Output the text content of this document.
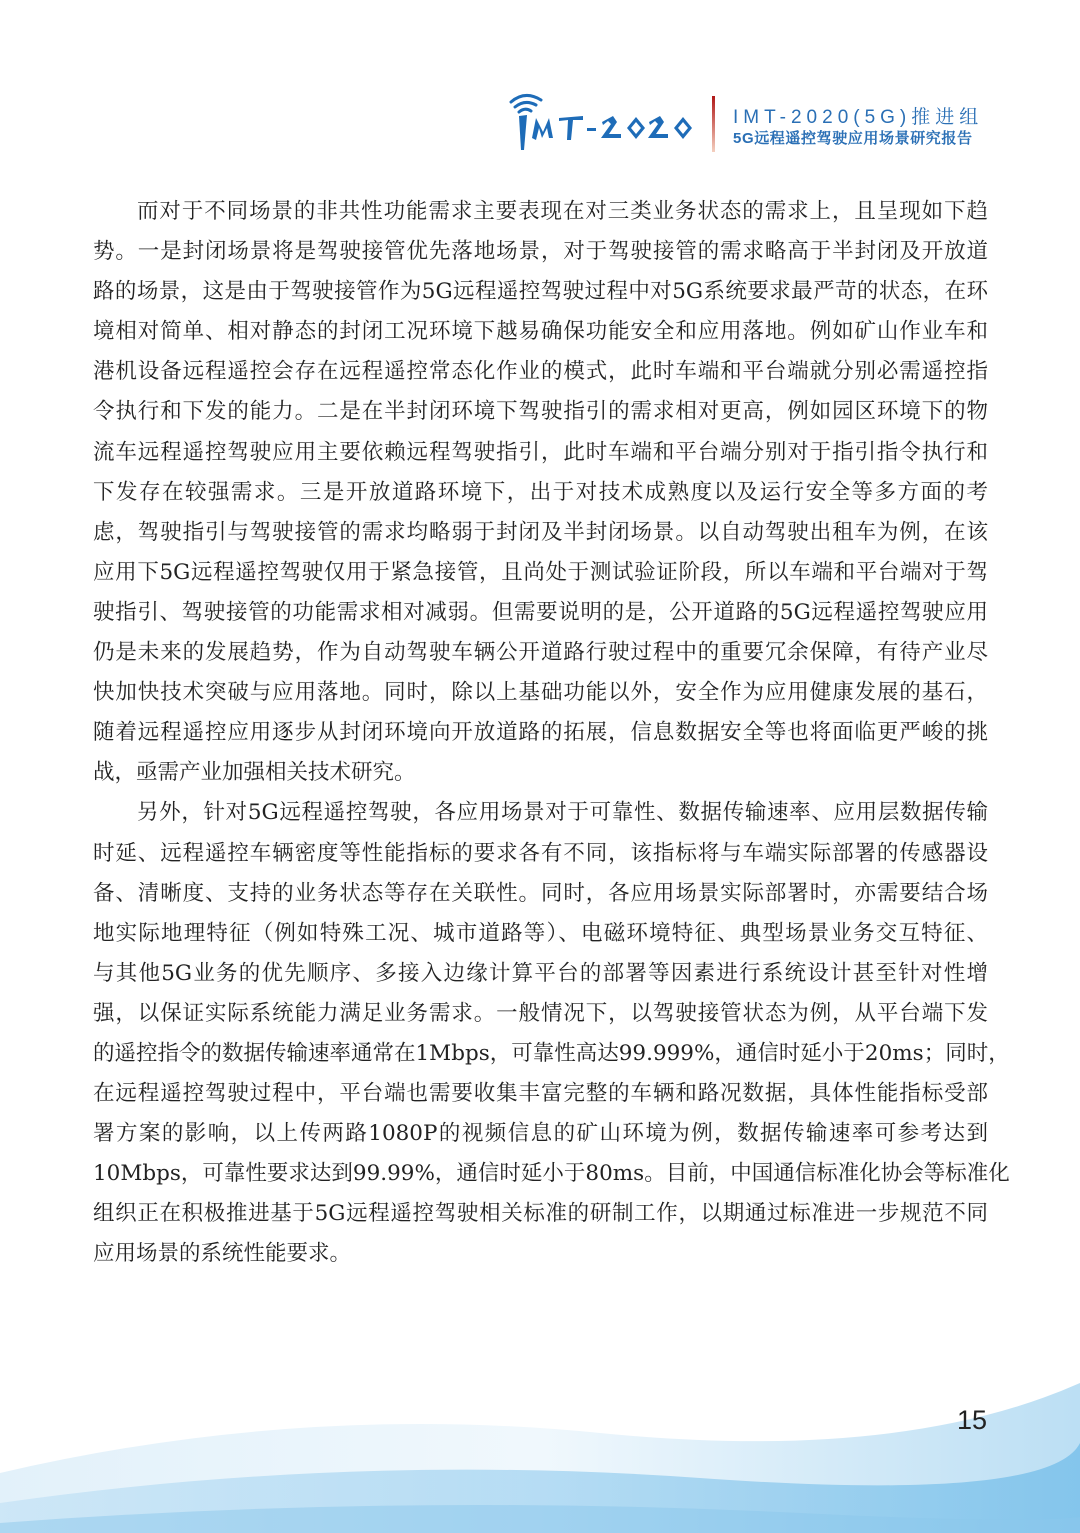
IMT-2020(5G)推进组
5G远程遥控驾驶应用场景研究报告
而对于不同场景的非共性功能需求主要表现在对三类业务状态的需求上，且呈现如下趋
势。一是封闭场景将是驾驶接管优先落地场景，对于驾驶接管的需求略高于半封闭及开放道
路的场景，这是由于驾驶接管作为5G远程遥控驾驶过程中对5G系统要求最严苛的状态，在环
境相对简单、相对静态的封闭工况环境下越易确保功能安全和应用落地。例如矿山作业车和
港机设备远程遥控会存在远程遥控常态化作业的模式，此时车端和平台端就分别必需遥控指
令执行和下发的能力。二是在半封闭环境下驾驶指引的需求相对更高，例如园区环境下的物
流车远程遥控驾驶应用主要依赖远程驾驶指引，此时车端和平台端分别对于指引指令执行和
下发存在较强需求。三是开放道路环境下，出于对技术成熟度以及运行安全等多方面的考
虑，驾驶指引与驾驶接管的需求均略弱于封闭及半封闭场景。以自动驾驶出租车为例，在该
应用下5G远程遥控驾驶仅用于紧急接管，且尚处于测试验证阶段，所以车端和平台端对于驾
驶指引、驾驶接管的功能需求相对减弱。但需要说明的是，公开道路的5G远程遥控驾驶应用
仍是未来的发展趋势，作为自动驾驶车辆公开道路行驶过程中的重要冗余保障，有待产业尽
快加快技术突破与应用落地。同时，除以上基础功能以外，安全作为应用健康发展的基石，
随着远程遥控应用逐步从封闭环境向开放道路的拓展，信息数据安全等也将面临更严峻的挑
战，亟需产业加强相关技术研究。
另外，针对5G远程遥控驾驶，各应用场景对于可靠性、数据传输速率、应用层数据传输
时延、远程遥控车辆密度等性能指标的要求各有不同，该指标将与车端实际部署的传感器设
备、清晰度、支持的业务状态等存在关联性。同时，各应用场景实际部署时，亦需要结合场
地实际地理特征（例如特殊工况、城市道路等）、电磁环境特征、典型场景业务交互特征、
与其他5G业务的优先顺序、多接入边缘计算平台的部署等因素进行系统设计甚至针对性增
强，以保证实际系统能力满足业务需求。一般情况下，以驾驶接管状态为例，从平台端下发
的遥控指令的数据传输速率通常在1Mbps，可靠性高达99.999%，通信时延小于20ms；同时，
在远程遥控驾驶过程中，平台端也需要收集丰富完整的车辆和路况数据，具体性能指标受部
署方案的影响，以上传两路1080P的视频信息的矿山环境为例，数据传输速率可参考达到
10Mbps，可靠性要求达到99.99%，通信时延小于80ms。目前，中国通信标准化协会等标准化
组织正在积极推进基于5G远程遥控驾驶相关标准的研制工作，以期通过标准进一步规范不同
应用场景的系统性能要求。
15
